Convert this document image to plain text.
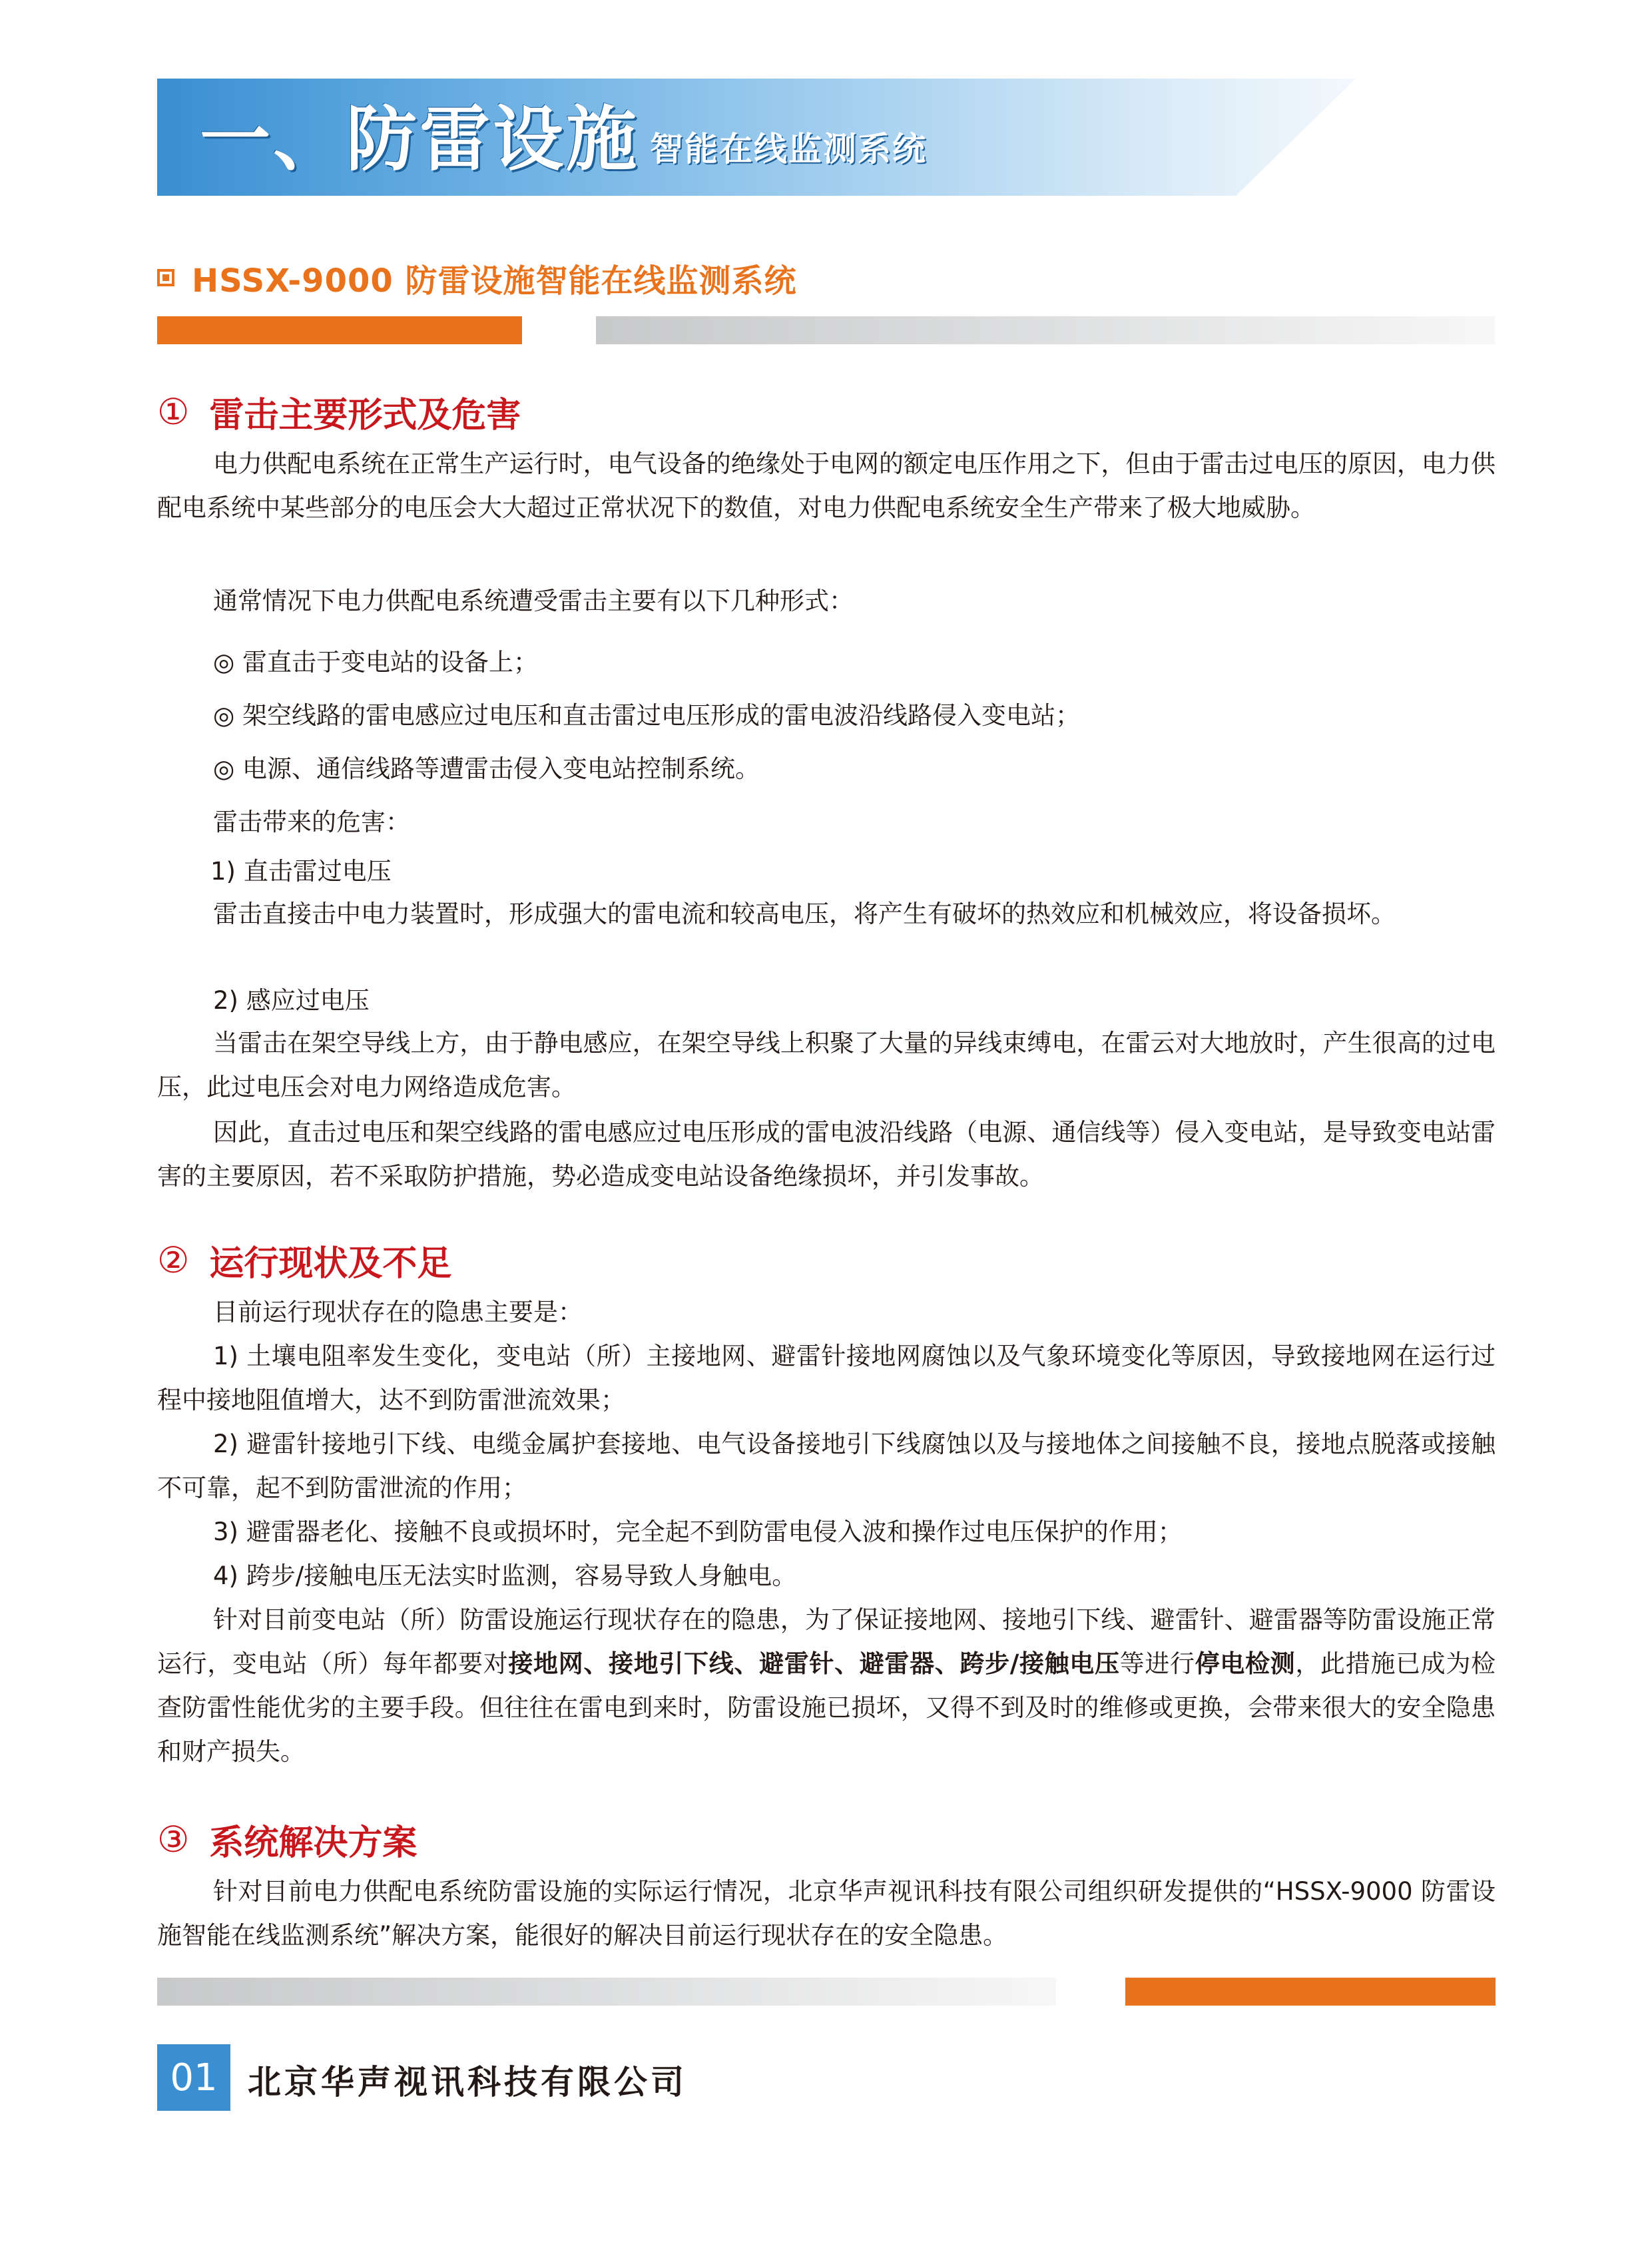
一、防雷设施 智能在线监测系统
HSSX-9000 防雷设施智能在线监测系统
① 雷击主要形式及危害

电力供配电系统在正常生产运行时，电气设备的绝缘处于电网的额定电压作用之下，但由于雷击过电压的原因，电力供配电系统中某些部分的电压会大大超过正常状况下的数值，对电力供配电系统安全生产带来了极大地威胁。

通常情况下电力供配电系统遭受雷击主要有以下几种形式：
◎ 雷直击于变电站的设备上；
◎ 架空线路的雷电感应过电压和直击雷过电压形成的雷电波沿线路侵入变电站；
◎ 电源、通信线路等遭雷击侵入变电站控制系统。
雷击带来的危害：
1) 直击雷过电压

雷击直接击中电力装置时，形成强大的雷电流和较高电压，将产生有破坏的热效应和机械效应，将设备损坏。

2) 感应过电压

当雷击在架空导线上方，由于静电感应，在架空导线上积聚了大量的异线束缚电，在雷云对大地放时，产生很高的过电压，此过电压会对电力网络造成危害。

因此，直击过电压和架空线路的雷电感应过电压形成的雷电波沿线路（电源、通信线等）侵入变电站，是导致变电站雷害的主要原因，若不采取防护措施，势必造成变电站设备绝缘损坏，并引发事故。

② 运行现状及不足
目前运行现状存在的隐患主要是：

1) 土壤电阻率发生变化，变电站（所）主接地网、避雷针接地网腐蚀以及气象环境变化等原因，导致接地网在运行过程中接地阻值增大，达不到防雷泄流效果；

2) 避雷针接地引下线、电缆金属护套接地、电气设备接地引下线腐蚀以及与接地体之间接触不良，接地点脱落或接触不可靠，起不到防雷泄流的作用；

3) 避雷器老化、接触不良或损坏时，完全起不到防雷电侵入波和操作过电压保护的作用；
4) 跨步/接触电压无法实时监测，容易导致人身触电。

针对目前变电站（所）防雷设施运行现状存在的隐患，为了保证接地网、接地引下线、避雷针、避雷器等防雷设施正常运行，变电站（所）每年都要对接地网、接地引下线、避雷针、避雷器、跨步/接触电压等进行停电检测，此措施已成为检查防雷性能优劣的主要手段。但往往在雷电到来时，防雷设施已损坏，又得不到及时的维修或更换，会带来很大的安全隐患和财产损失。

③ 系统解决方案

针对目前电力供配电系统防雷设施的实际运行情况，北京华声视讯科技有限公司组织研发提供的“HSSX-9000 防雷设施智能在线监测系统”解决方案，能很好的解决目前运行现状存在的安全隐患。

01 北京华声视讯科技有限公司
